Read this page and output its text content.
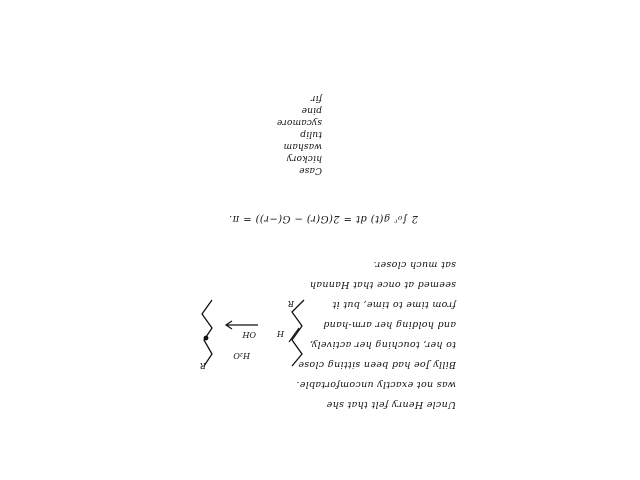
Case
hickory
washam
tulip
sycamore
pine
fir
2 ∫₀ʳ g(t) dt = 2(G(r) − G(−r)) = π.
Uncle Henry felt that she
was not exactly uncomfortable.
Billy Joe had been sitting close
to her, touching her actively,
and holding her arm-hand
from time to time, but it
seemed at once that Hannah
sat much closer.
R
H
OH
H₂O
R
